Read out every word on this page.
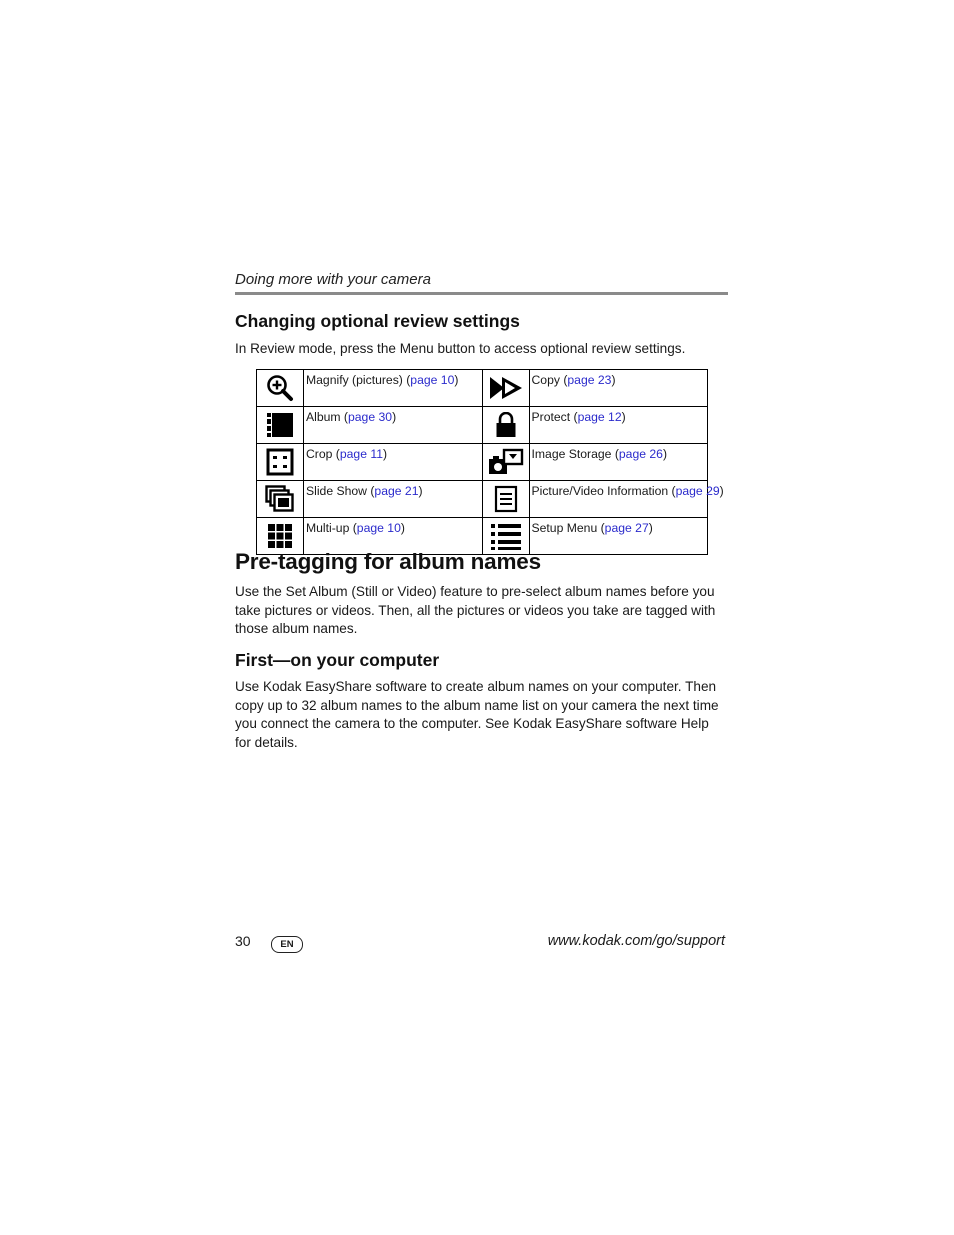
Doing more with your camera
Changing optional review settings
In Review mode, press the Menu button to access optional review settings.
	Magnify (pictures) (page 10)		Copy (page 23)

	Album (page 30)		Protect (page 12)

	Crop (page 11)		Image Storage (page 26)

	Slide Show (page 21)		Picture/Video Information (page 29)

	Multi-up (page 10)		Setup Menu (page 27)
Pre-tagging for album names
Use the Set Album (Still or Video) feature to pre-select album names before you take pictures or videos. Then, all the pictures or videos you take are tagged with those album names.
First—on your computer
Use Kodak EasyShare software to create album names on your computer. Then copy up to 32 album names to the album name list on your camera the next time you connect the camera to the computer. See Kodak EasyShare software Help for details.
30	EN	www.kodak.com/go/support
